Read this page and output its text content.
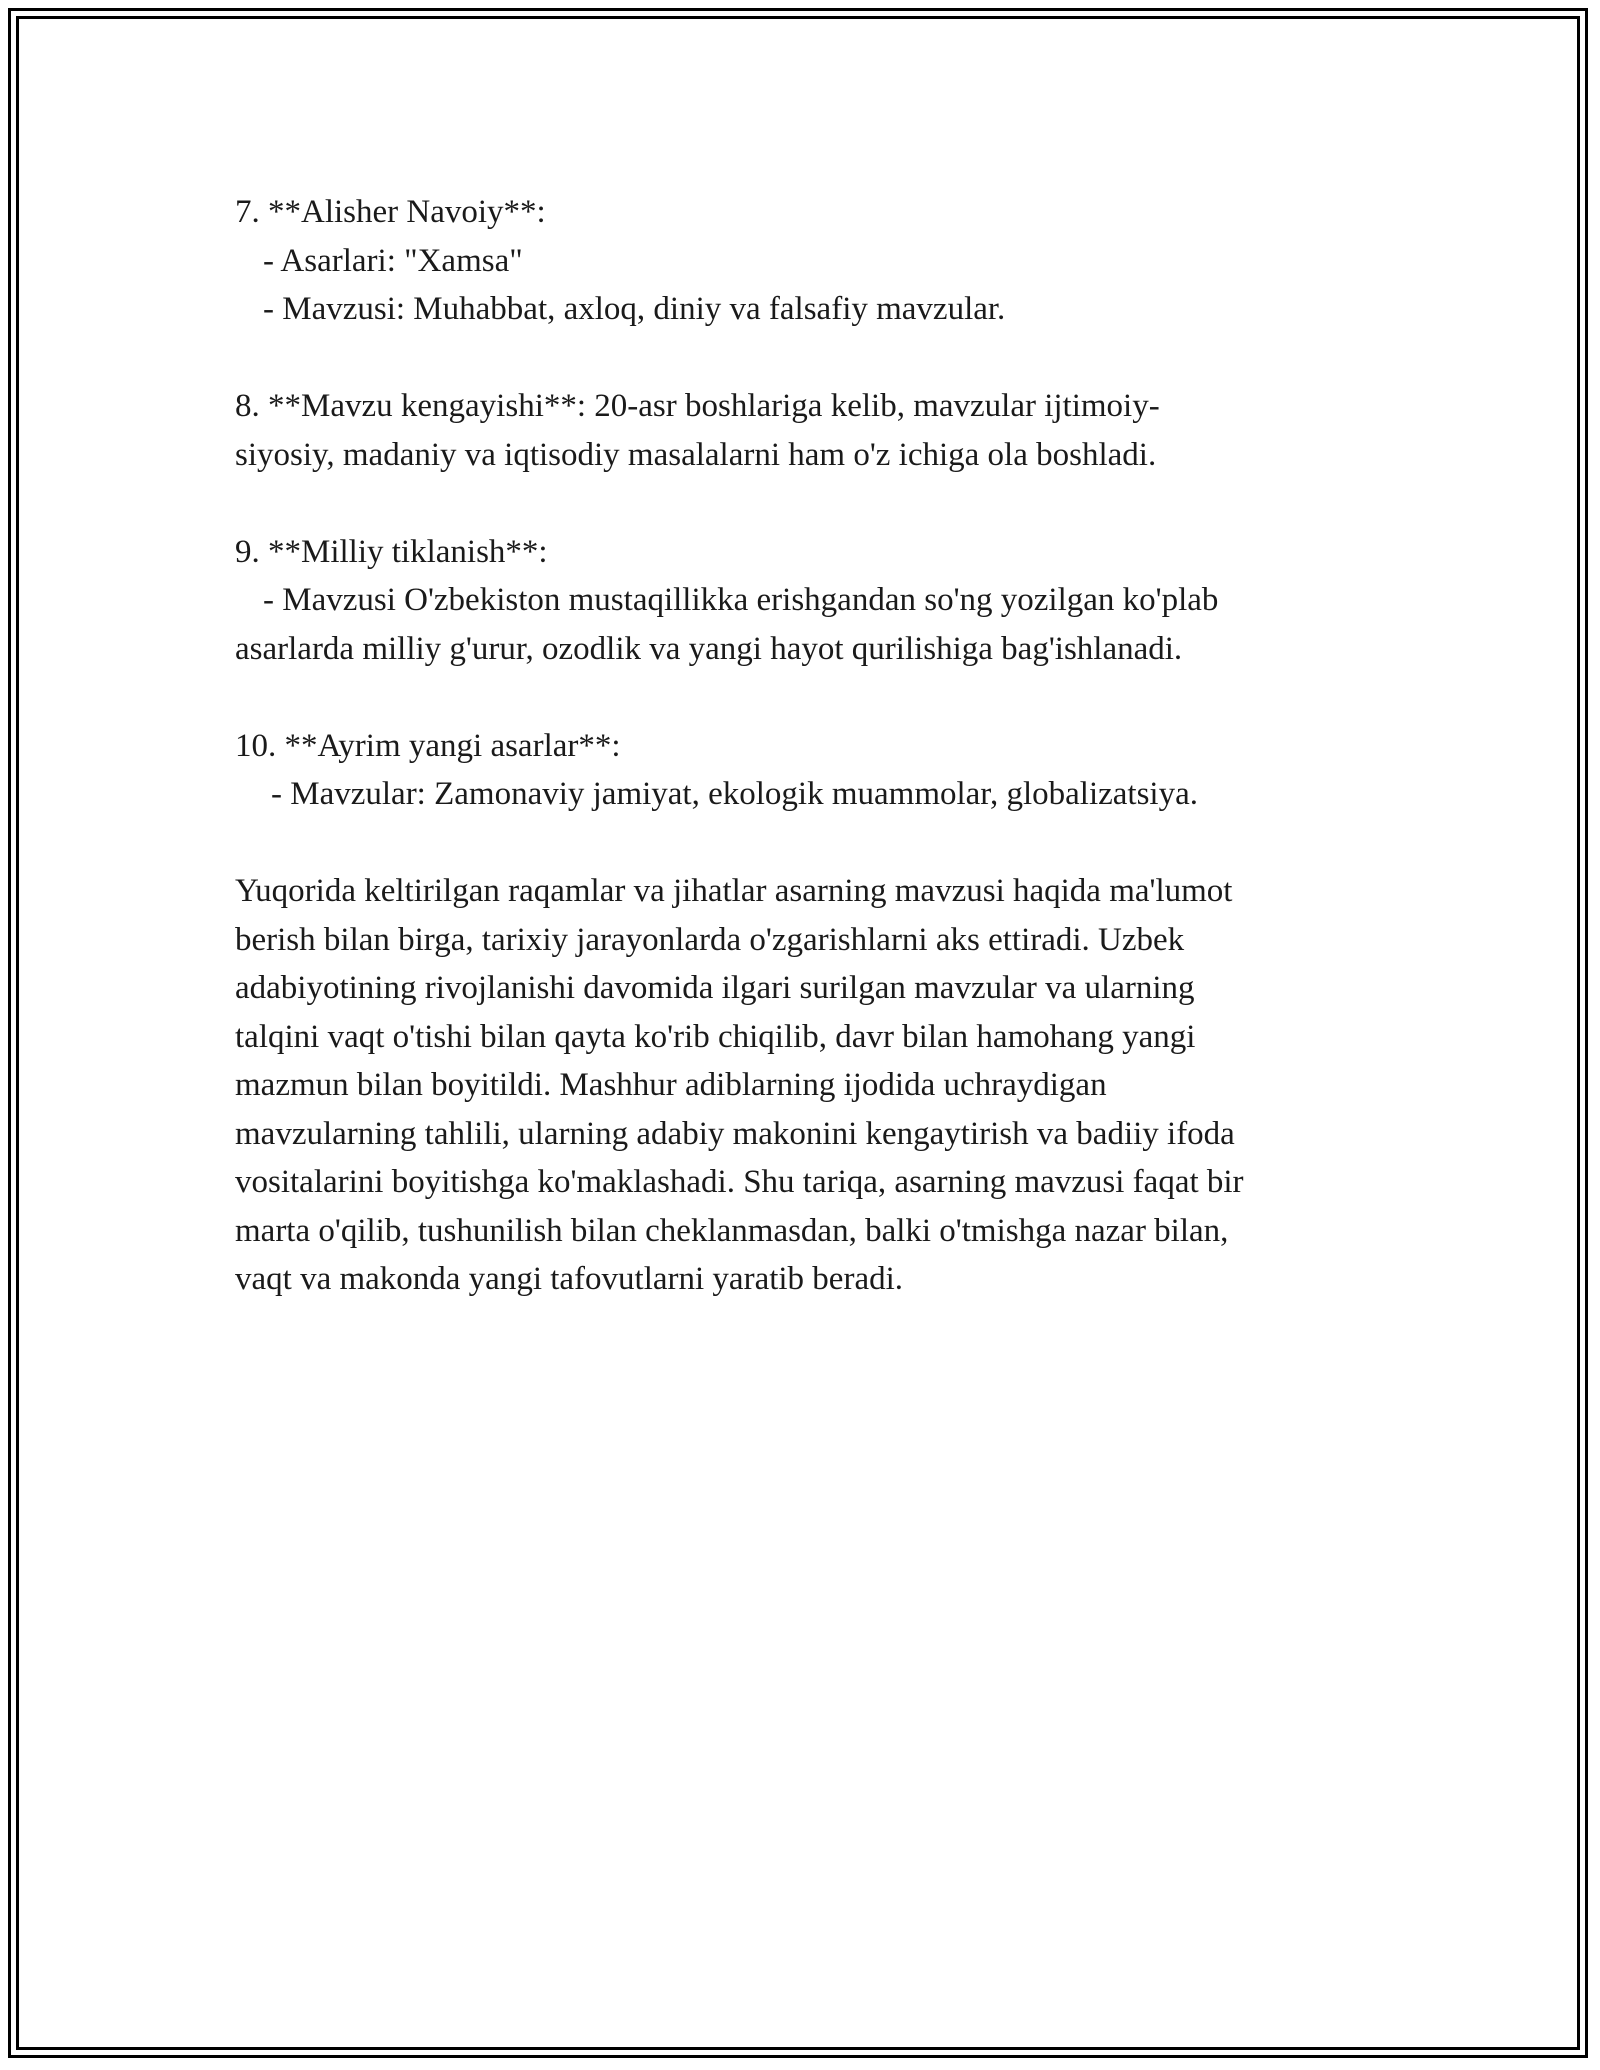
7. **Alisher Navoiy**:
- Asarlari: "Xamsa"
- Mavzusi: Muhabbat, axloq, diniy va falsafiy mavzular.
8. **Mavzu kengayishi**: 20-asr boshlariga kelib, mavzular ijtimoiy-
siyosiy, madaniy va iqtisodiy masalalarni ham o'z ichiga ola boshladi.
9. **Milliy tiklanish**:
- Mavzusi O'zbekiston mustaqillikka erishgandan so'ng yozilgan ko'plab
asarlarda milliy g'urur, ozodlik va yangi hayot qurilishiga bag'ishlanadi.
10. **Ayrim yangi asarlar**:
- Mavzular: Zamonaviy jamiyat, ekologik muammolar, globalizatsiya.
Yuqorida keltirilgan raqamlar va jihatlar asarning mavzusi haqida ma'lumot
berish bilan birga, tarixiy jarayonlarda o'zgarishlarni aks ettiradi. Uzbek
adabiyotining rivojlanishi davomida ilgari surilgan mavzular va ularning
talqini vaqt o'tishi bilan qayta ko'rib chiqilib, davr bilan hamohang yangi
mazmun bilan boyitildi. Mashhur adiblarning ijodida uchraydigan
mavzularning tahlili, ularning adabiy makonini kengaytirish va badiiy ifoda
vositalarini boyitishga ko'maklashadi. Shu tariqa, asarning mavzusi faqat bir
marta o'qilib, tushunilish bilan cheklanmasdan, balki o'tmishga nazar bilan,
vaqt va makonda yangi tafovutlarni yaratib beradi.
